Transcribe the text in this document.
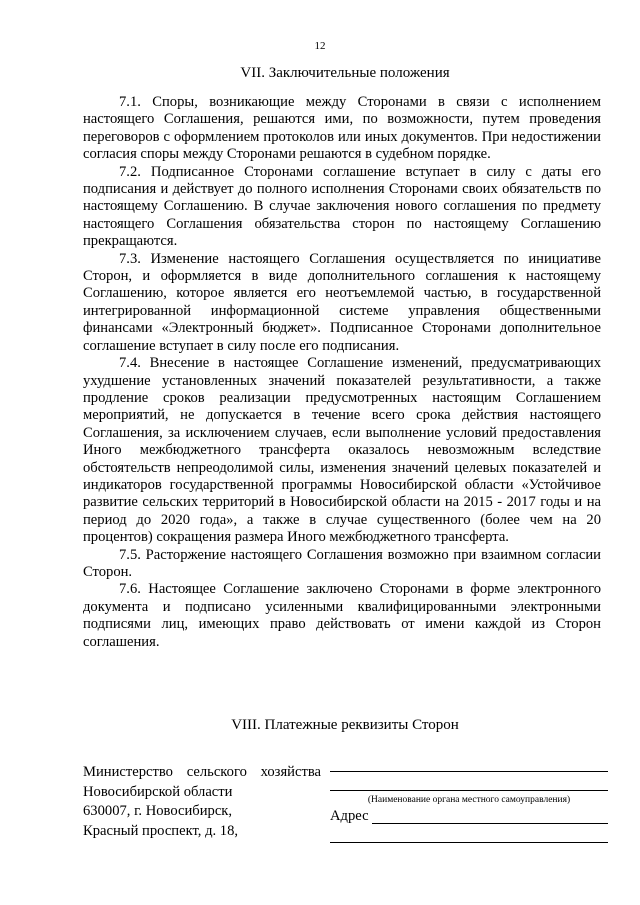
12
VII. Заключительные положения

7.1. Споры, возникающие между Сторонами в связи с исполнением настоящего Соглашения, решаются ими, по возможности, путем проведения переговоров с оформлением протоколов или иных документов. При недостижении согласия споры между Сторонами решаются в судебном порядке.

7.2. Подписанное Сторонами соглашение вступает в силу с даты его подписания и действует до полного исполнения Сторонами своих обязательств по настоящему Соглашению. В случае заключения нового соглашения по предмету настоящего Соглашения обязательства сторон по настоящему Соглашению прекращаются.

7.3. Изменение настоящего Соглашения осуществляется по инициативе Сторон, и оформляется в виде дополнительного соглашения к настоящему Соглашению, которое является его неотъемлемой частью, в государственной интегрированной информационной системе управления общественными финансами «Электронный бюджет». Подписанное Сторонами дополнительное соглашение вступает в силу после его подписания.

7.4. Внесение в настоящее Соглашение изменений, предусматривающих ухудшение установленных значений показателей результативности, а также продление сроков реализации предусмотренных настоящим Соглашением мероприятий, не допускается в течение всего срока действия настоящего Соглашения, за исключением случаев, если выполнение условий предоставления Иного межбюджетного трансферта оказалось невозможным вследствие обстоятельств непреодолимой силы, изменения значений целевых показателей и индикаторов государственной программы Новосибирской области «Устойчивое развитие сельских территорий в Новосибирской области на 2015 - 2017 годы и на период до 2020 года», а также в случае существенного (более чем на 20 процентов) сокращения размера Иного межбюджетного трансферта.

7.5. Расторжение настоящего Соглашения возможно при взаимном согласии Сторон.

7.6. Настоящее Соглашение заключено Сторонами в форме электронного документа и подписано усиленными квалифицированными электронными подписями лиц, имеющих право действовать от имени каждой из Сторон соглашения.

VIII. Платежные реквизиты Сторон
Министерство сельского хозяйства
Новосибирской области
630007, г. Новосибирск,
Красный проспект, д. 18,
(Наименование органа местного самоуправления)
Адрес
